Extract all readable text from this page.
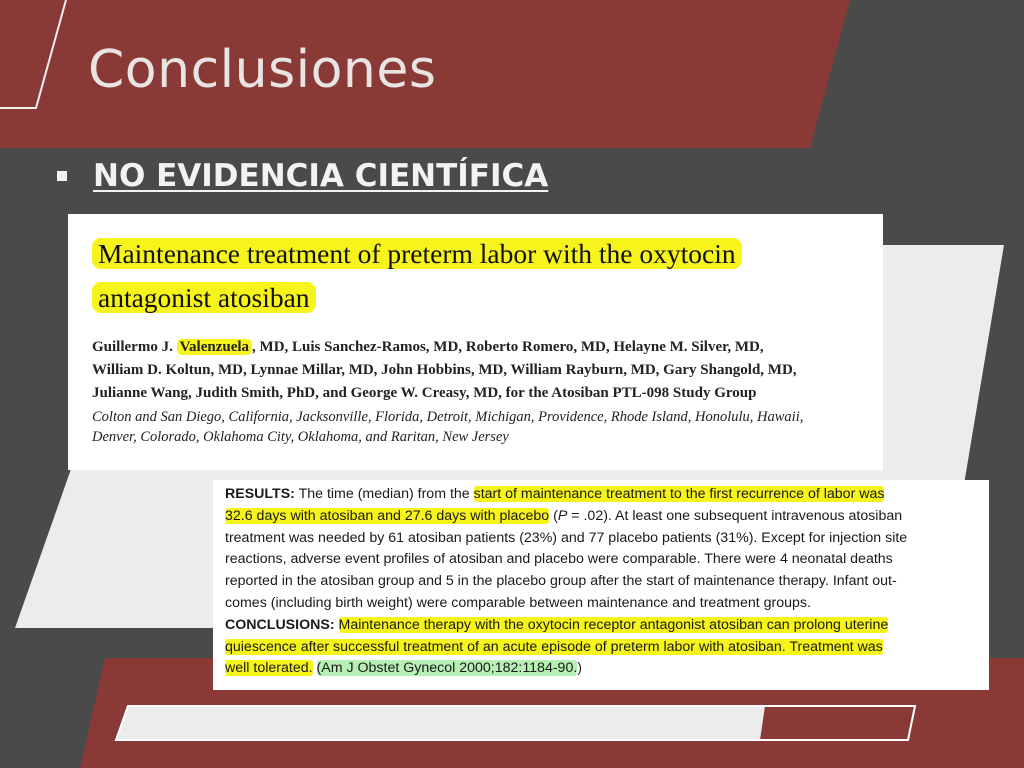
Conclusiones
NO EVIDENCIA CIENTÍFICA

Maintenance treatment of preterm labor with the oxytocin
antagonist atosiban

Guillermo J. Valenzuela , MD, Luis Sanchez-Ramos, MD, Roberto Romero, MD, Helayne M. Silver, MD,
William D. Koltun, MD, Lynnae Millar, MD, John Hobbins, MD, William Rayburn, MD, Gary Shangold, MD,
Julianne Wang, Judith Smith, PhD, and George W. Creasy, MD, for the Atosiban PTL-098 Study Group
Colton and San Diego, California, Jacksonville, Florida, Detroit, Michigan, Providence, Rhode Island, Honolulu, Hawaii,
Denver, Colorado, Oklahoma City, Oklahoma, and Raritan, New Jersey
RESULTS: The time (median) from the start of maintenance treatment to the first recurrence of labor was
32.6 days with atosiban and 27.6 days with placebo (P = .02). At least one subsequent intravenous atosiban
treatment was needed by 61 atosiban patients (23%) and 77 placebo patients (31%). Except for injection site
reactions, adverse event profiles of atosiban and placebo were comparable. There were 4 neonatal deaths
reported in the atosiban group and 5 in the placebo group after the start of maintenance therapy. Infant out-
comes (including birth weight) were comparable between maintenance and treatment groups.
CONCLUSIONS: Maintenance therapy with the oxytocin receptor antagonist atosiban can prolong uterine
quiescence after successful treatment of an acute episode of preterm labor with atosiban. Treatment was
well tolerated. (Am J Obstet Gynecol 2000;182:1184-90.)
